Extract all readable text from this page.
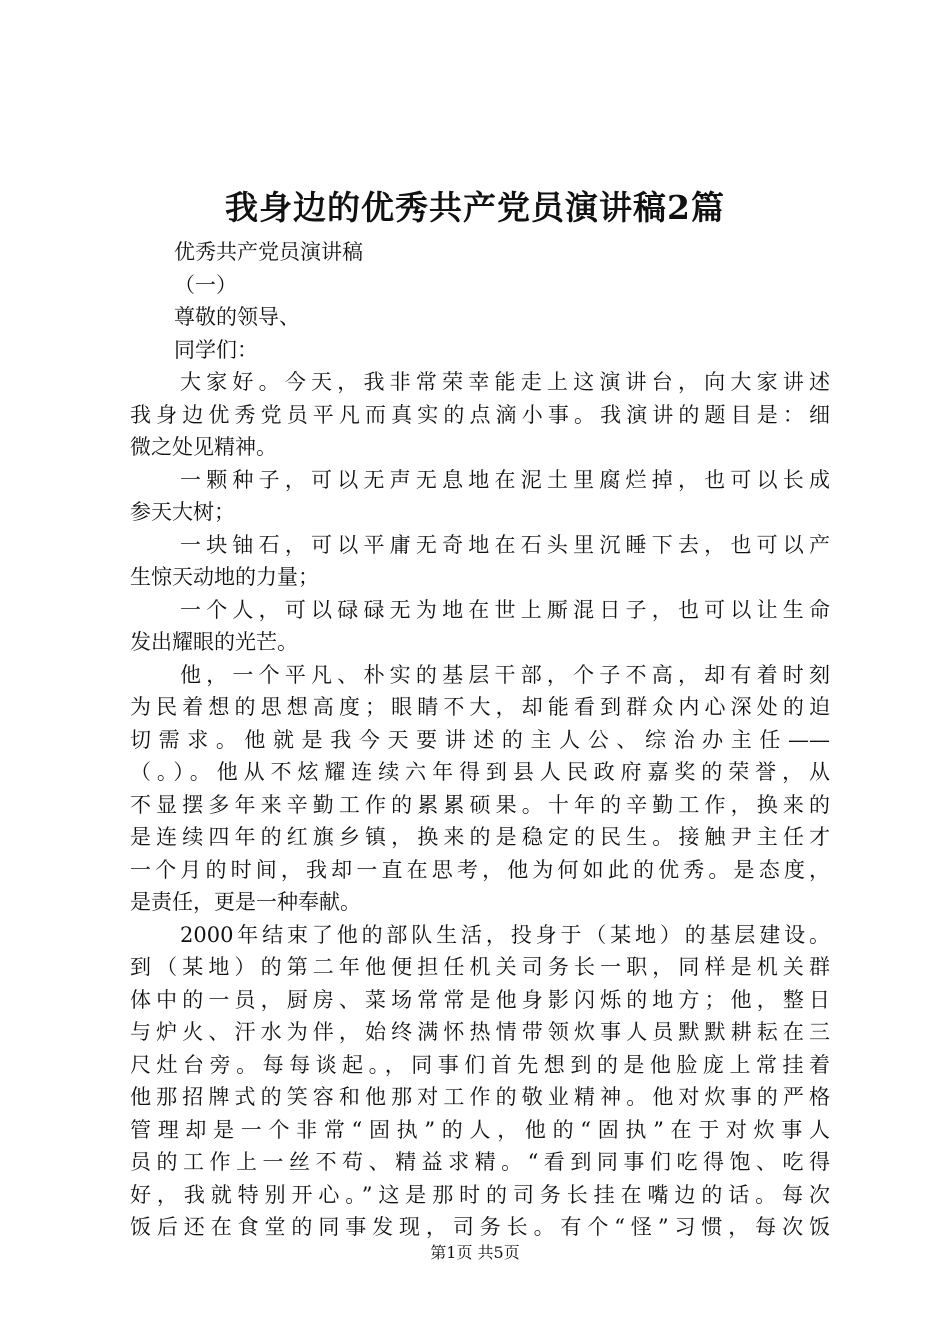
我身边的优秀共产党员演讲稿2篇
优秀共产党员演讲稿
（一）
尊敬的领导、
同学们：
大家好。今天，我非常荣幸能走上这演讲台，向大家讲述
我身边优秀党员平凡而真实的点滴小事。我演讲的题目是：细
微之处见精神。
一颗种子，可以无声无息地在泥土里腐烂掉，也可以长成
参天大树；
一块铀石，可以平庸无奇地在石头里沉睡下去，也可以产
生惊天动地的力量；
一个人，可以碌碌无为地在世上厮混日子，也可以让生命
发出耀眼的光芒。
他，一个平凡、朴实的基层干部，个子不高，却有着时刻
为民着想的思想高度；眼睛不大，却能看到群众内心深处的迫
切需求。他就是我今天要讲述的主人公、综治办主任——
（。）。他从不炫耀连续六年得到县人民政府嘉奖的荣誉，从
不显摆多年来辛勤工作的累累硕果。十年的辛勤工作，换来的
是连续四年的红旗乡镇，换来的是稳定的民生。接触尹主任才
一个月的时间，我却一直在思考，他为何如此的优秀。是态度，
是责任，更是一种奉献。
2000年结束了他的部队生活，投身于（某地）的基层建设。
到（某地）的第二年他便担任机关司务长一职，同样是机关群
体中的一员，厨房、菜场常常是他身影闪烁的地方；他，整日
与炉火、汗水为伴，始终满怀热情带领炊事人员默默耕耘在三
尺灶台旁。每每谈起。，同事们首先想到的是他脸庞上常挂着
他那招牌式的笑容和他那对工作的敬业精神。他对炊事的严格
管理却是一个非常“固执”的人，他的“固执”在于对炊事人
员的工作上一丝不苟、精益求精。“看到同事们吃得饱、吃得
好，我就特别开心。”这是那时的司务长挂在嘴边的话。每次
饭后还在食堂的同事发现，司务长。有个“怪”习惯，每次饭
第1页 共5页
